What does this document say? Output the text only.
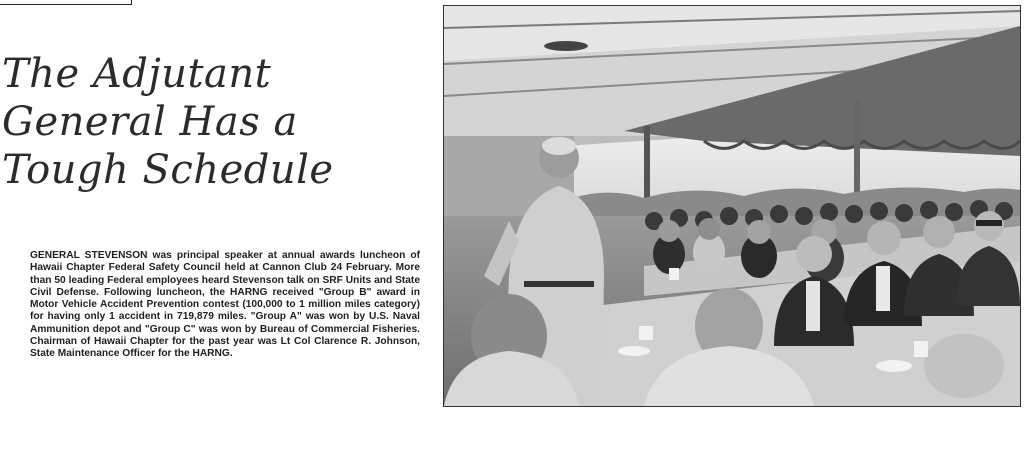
The Adjutant
General Has a
Tough Schedule

GENERAL STEVENSON was principal speaker at annual awards luncheon of Hawaii Chapter Federal Safety Council held at Cannon Club 24 February. More than 50 leading Federal employees heard Stevenson talk on SRF Units and State Civil Defense. Following luncheon, the HARNG received "Group B" award in Motor Vehicle Accident Prevention contest (100,000 to 1 million miles category) for having only 1 accident in 719,879 miles. "Group A" was won by U.S. Naval Ammunition depot and "Group C" was won by Bureau of Commercial Fisheries. Chairman of Hawaii Chapter for the past year was Lt Col Clarence R. Johnson, State Maintenance Officer for the HARNG.
